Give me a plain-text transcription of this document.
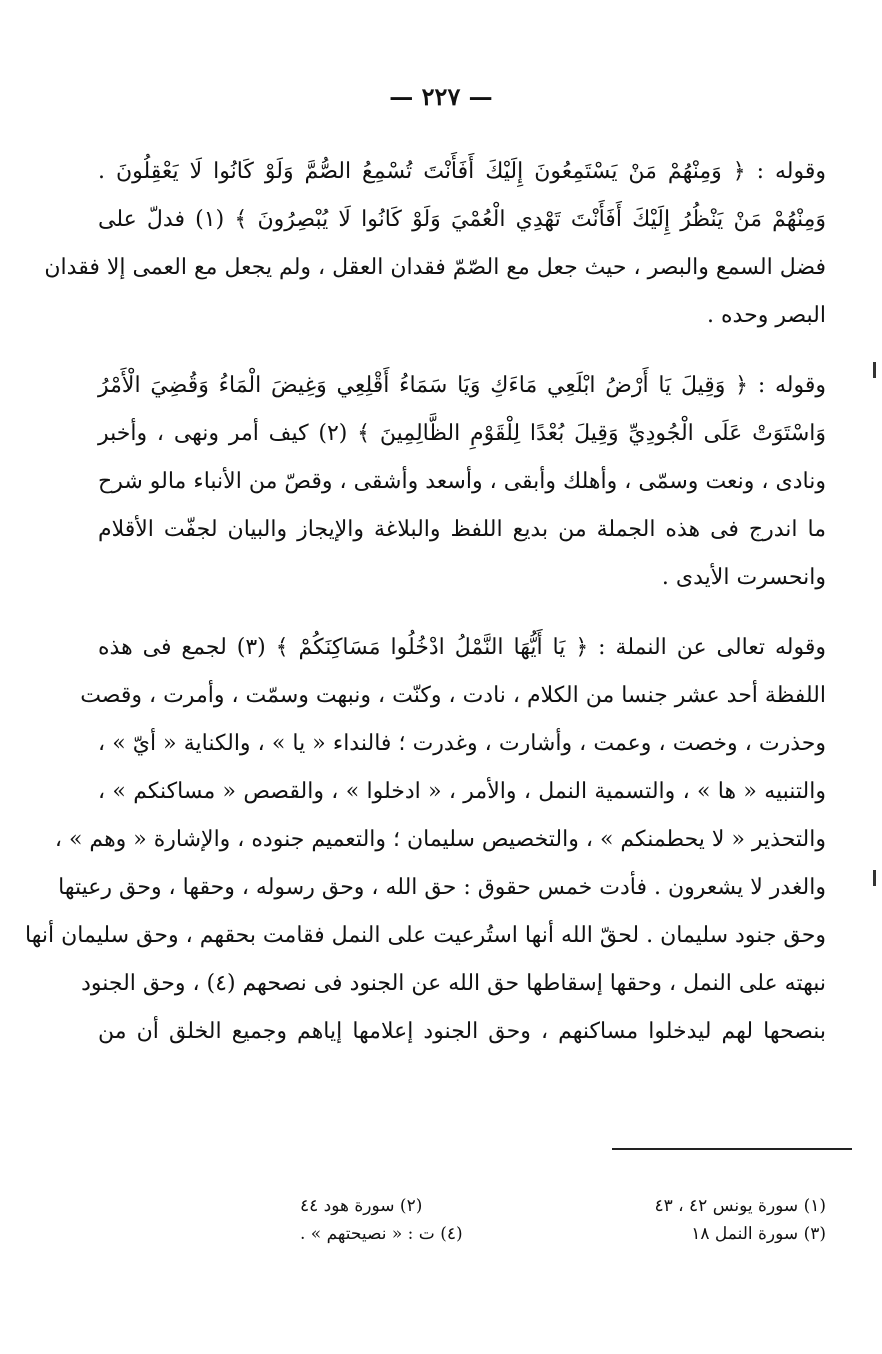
— ٢٢٧ —
وقوله : ﴿ وَمِنْهُمْ مَنْ يَسْتَمِعُونَ إِلَيْكَ أَفَأَنْتَ تُسْمِعُ الصُّمَّ وَلَوْ كَانُوا لَا يَعْقِلُونَ .
وَمِنْهُمْ مَنْ يَنْظُرُ إِلَيْكَ أَفَأَنْتَ تَهْدِي الْعُمْيَ وَلَوْ كَانُوا لَا يُبْصِرُونَ ﴾ (١) فدلّ على
فضل السمع والبصر ، حيث جعل مع الصّمّ فقدان العقل ، ولم يجعل مع العمى إلا فقدان
البصر وحده .
وقوله : ﴿ وَقِيلَ يَا أَرْضُ ابْلَعِي مَاءَكِ وَيَا سَمَاءُ أَقْلِعِي وَغِيضَ الْمَاءُ وَقُضِيَ الْأَمْرُ
وَاسْتَوَتْ عَلَى الْجُودِيِّ وَقِيلَ بُعْدًا لِلْقَوْمِ الظَّالِمِينَ ﴾ (٢) كيف أمر ونهى ، وأخبر
ونادى ، ونعت وسمّى ، وأهلك وأبقى ، وأسعد وأشقى ، وقصّ من الأنباء مالو شرح
ما اندرج فى هذه الجملة من بديع اللفظ والبلاغة والإيجاز والبيان لجفّت الأقلام
وانحسرت الأيدى .
وقوله تعالى عن النملة : ﴿ يَا أَيُّهَا النَّمْلُ ادْخُلُوا مَسَاكِنَكُمْ ﴾ (٣) لجمع فى هذه
اللفظة أحد عشر جنسا من الكلام ، نادت ، وكنّت ، ونبهت وسمّت ، وأمرت ، وقصت
وحذرت ، وخصت ، وعمت ، وأشارت ، وغدرت ؛ فالنداء « يا » ، والكناية « أيّ » ،
والتنبيه « ها » ، والتسمية النمل ، والأمر ، « ادخلوا » ، والقصص « مساكنكم » ،
والتحذير « لا يحطمنكم » ، والتخصيص سليمان ؛ والتعميم جنوده ، والإشارة « وهم » ،
والغدر لا يشعرون . فأدت خمس حقوق : حق الله ، وحق رسوله ، وحقها ، وحق رعيتها
وحق جنود سليمان . لحقّ الله أنها استُرعيت على النمل فقامت بحقهم ، وحق سليمان أنها
نبهته على النمل ، وحقها إسقاطها حق الله عن الجنود فى نصحهم (٤) ، وحق الجنود
بنصحها لهم ليدخلوا مساكنهم ، وحق الجنود إعلامها إياهم وجميع الخلق أن من
(١) سورة يونس ٤٢ ، ٤٣
(٢) سورة هود ٤٤
(٣) سورة النمل ١٨
(٤) ت : « نصيحتهم » .
